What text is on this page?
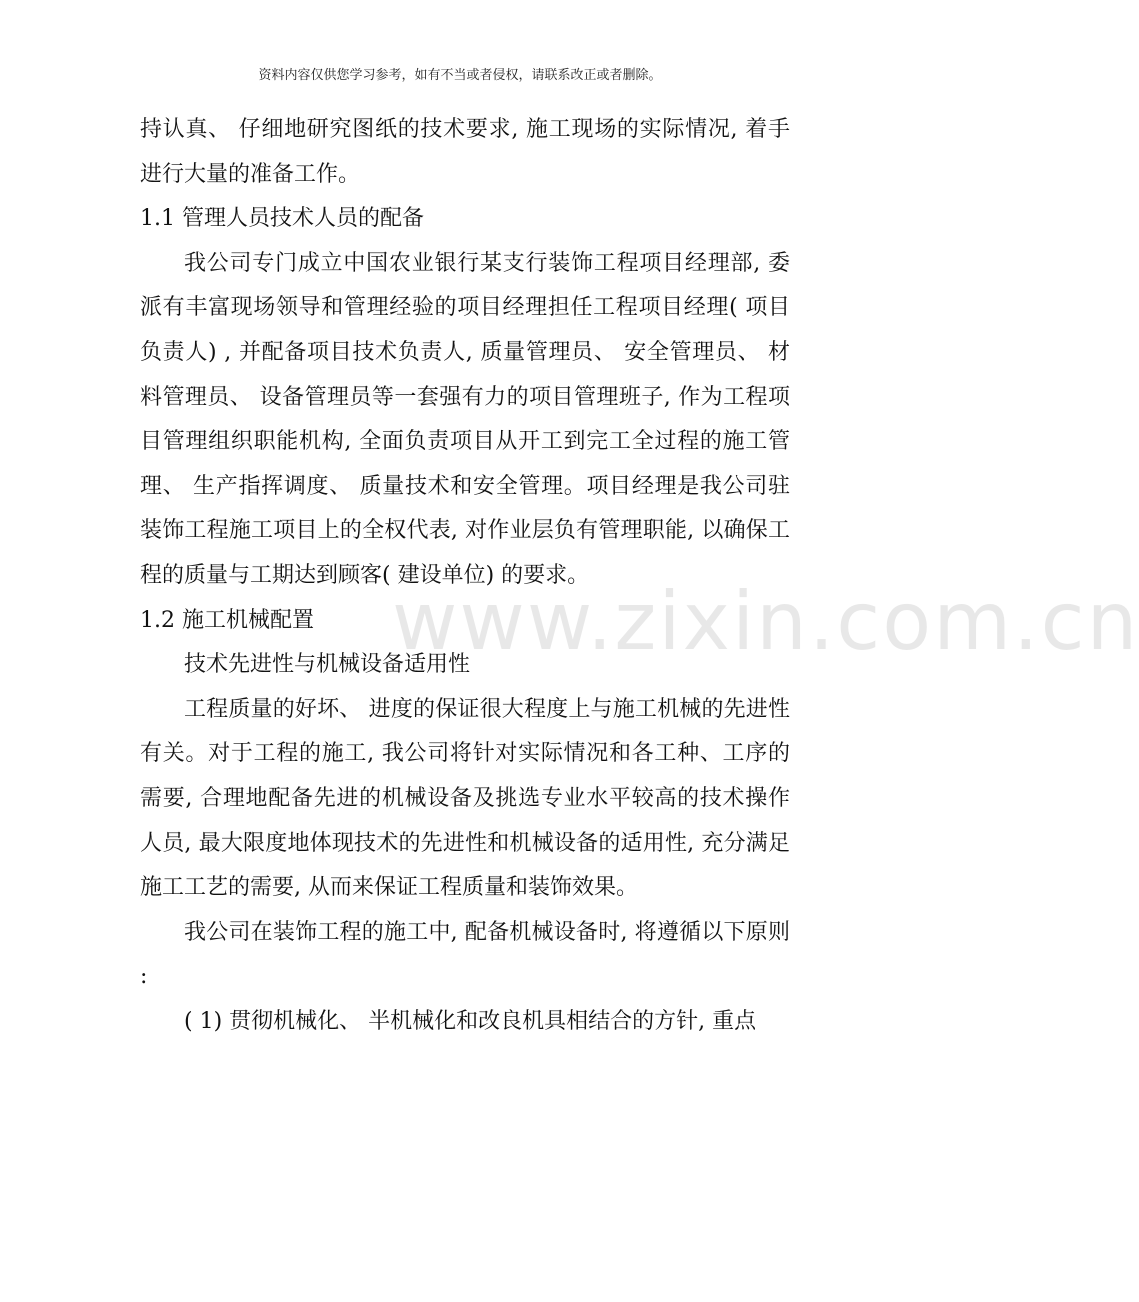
资料内容仅供您学习参考，如有不当或者侵权，请联系改正或者删除。

持认真、 仔细地研究图纸的技术要求, 施工现场的实际情况, 着手进行大量的准备工作。

1.1 管理人员技术人员的配备

我公司专门成立中国农业银行某支行装饰工程项目经理部, 委派有丰富现场领导和管理经验的项目经理担任工程项目经理( 项目负责人) , 并配备项目技术负责人, 质量管理员、 安全管理员、 材料管理员、 设备管理员等一套强有力的项目管理班子, 作为工程项目管理组织职能机构, 全面负责项目从开工到完工全过程的施工管理、 生产指挥调度、 质量技术和安全管理。项目经理是我公司驻装饰工程施工项目上的全权代表, 对作业层负有管理职能, 以确保工程的质量与工期达到顾客( 建设单位) 的要求。

1.2 施工机械配置

技术先进性与机械设备适用性

工程质量的好坏、 进度的保证很大程度上与施工机械的先进性有关。对于工程的施工, 我公司将针对实际情况和各工种、工序的需要, 合理地配备先进的机械设备及挑选专业水平较高的技术操作人员, 最大限度地体现技术的先进性和机械设备的适用性, 充分满足施工工艺的需要, 从而来保证工程质量和装饰效果。

我公司在装饰工程的施工中, 配备机械设备时, 将遵循以下原则:

( 1) 贯彻机械化、 半机械化和改良机具相结合的方针, 重点

www.zixin.com.cn
